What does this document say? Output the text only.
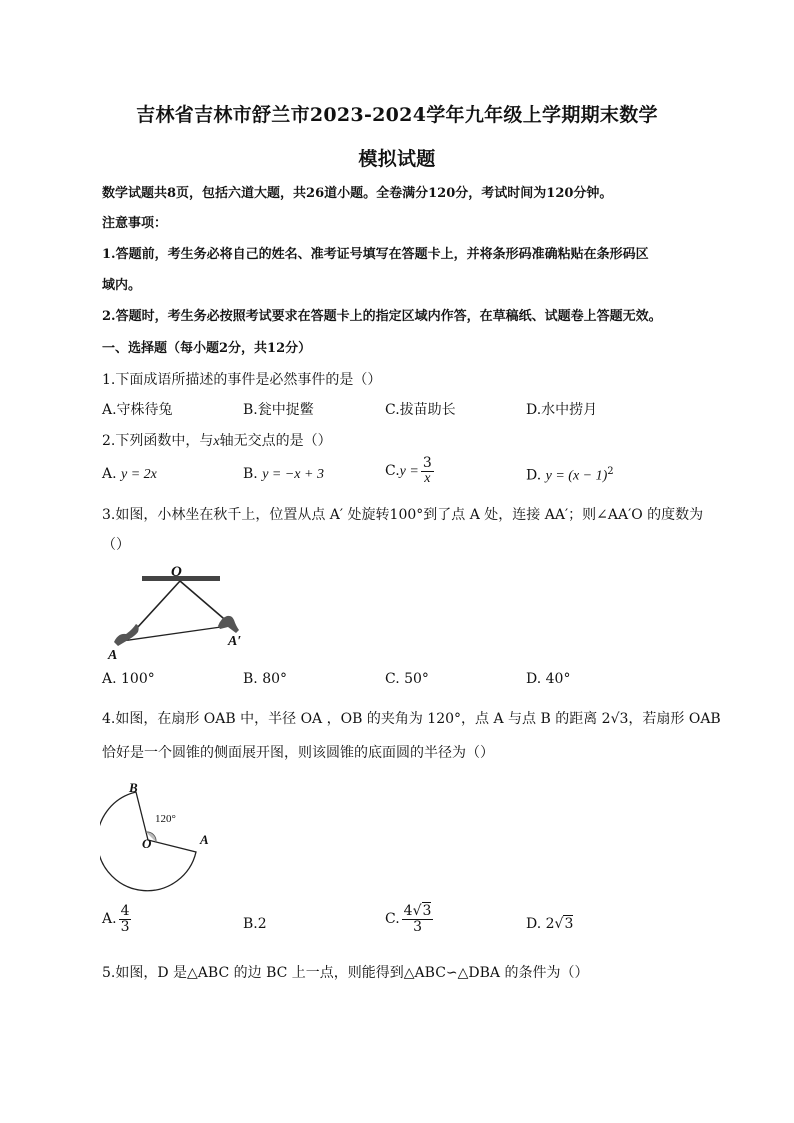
吉林省吉林市舒兰市2023-2024学年九年级上学期期末数学
模拟试题
数学试题共8页，包括六道大题，共26道小题。全卷满分120分，考试时间为120分钟。
注意事项：
1.答题前，考生务必将自己的姓名、准考证号填写在答题卡上，并将条形码准确粘贴在条形码区
域内。
2.答题时，考生务必按照考试要求在答题卡上的指定区域内作答，在草稿纸、试题卷上答题无效。
一、选择题（每小题2分，共12分）
1.下面成语所描述的事件是必然事件的是（）
A.守株待兔	B.瓮中捉鳖	C.拔苗助长	D.水中捞月
2.下列函数中，与x轴无交点的是（）
A. y = 2x	B. y = −x + 3	$C.y = \frac{3}{x}$	D. $y = (x - 1)^2$
3.如图，小林坐在秋千上，位置从点 A′ 处旋转100°到了点 A 处，连接 AA′；则∠AA′O 的度数为
（）
O
A
A′
A. 100°	B. 80°	C. 50°	D. 40°
4.如图，在扇形 OAB 中，半径 OA ，OB 的夹角为 120°，点 A 与点 B 的距离 2√3，若扇形 OAB
恰好是一个圆锥的侧面展开图，则该圆锥的底面圆的半径为（）
B
O	A
120°
A. $\frac{4}{3}$	B.2	C. $\frac{4√3}{3}$	D. 2√3
5.如图，D 是△ABC 的边 BC 上一点，则能得到△ABC∽△DBA 的条件为（）
